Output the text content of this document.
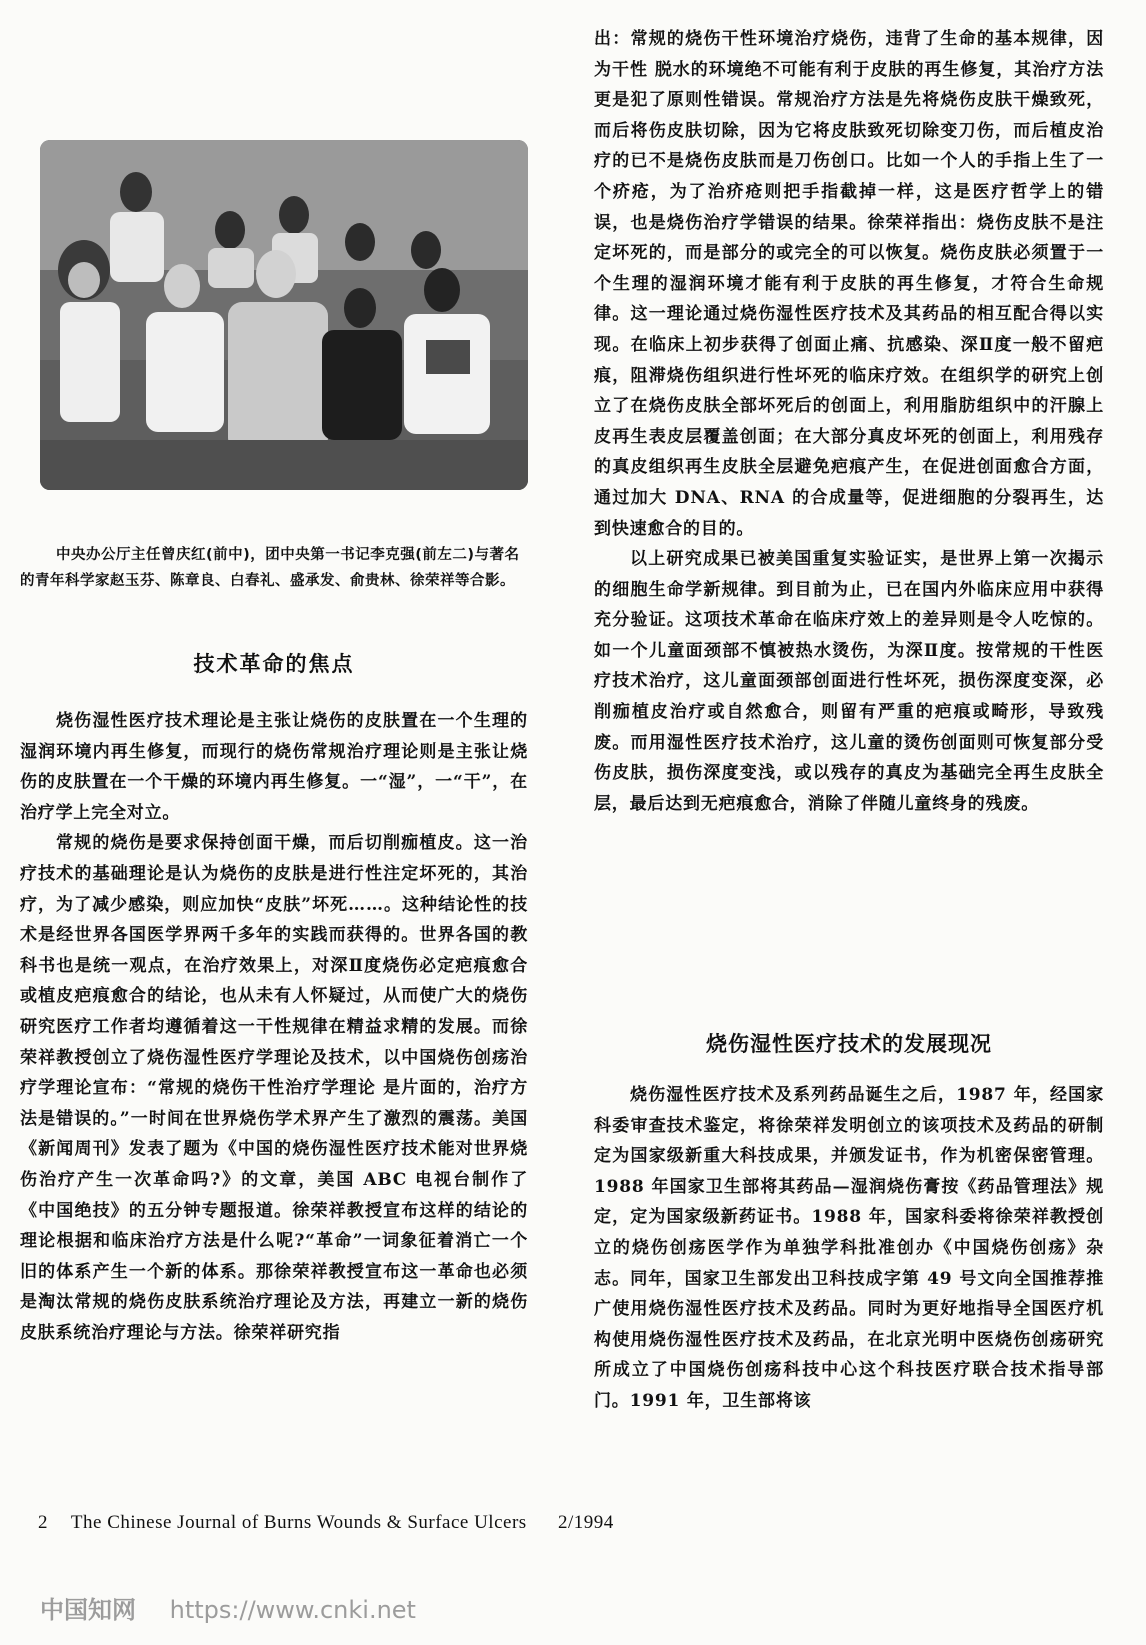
中央办公厅主任曾庆红(前中)，团中央第一书记李克强(前左二)与著名的青年科学家赵玉芬、陈章良、白春礼、盛承发、俞贵林、徐荣祥等合影。
技术革命的焦点

烧伤湿性医疗技术理论是主张让烧伤的皮肤置在一个生理的湿润环境内再生修复，而现行的烧伤常规治疗理论则是主张让烧伤的皮肤置在一个干燥的环境内再生修复。一“湿”，一“干”，在治疗学上完全对立。

常规的烧伤是要求保持创面干燥，而后切削痂植皮。这一治疗技术的基础理论是认为烧伤的皮肤是进行性注定坏死的，其治疗，为了减少感染，则应加快“皮肤”坏死……。这种结论性的技术是经世界各国医学界两千多年的实践而获得的。世界各国的教科书也是统一观点，在治疗效果上，对深Ⅱ度烧伤必定疤痕愈合或植皮疤痕愈合的结论，也从未有人怀疑过，从而使广大的烧伤研究医疗工作者均遵循着这一干性规律在精益求精的发展。而徐荣祥教授创立了烧伤湿性医疗学理论及技术，以中国烧伤创疡治疗学理论宣布：“常规的烧伤干性治疗学理论 是片面的，治疗方法是错误的。”一时间在世界烧伤学术界产生了激烈的震荡。美国《新闻周刊》发表了题为《中国的烧伤湿性医疗技术能对世界烧伤治疗产生一次革命吗?》的文章，美国 ABC 电视台制作了《中国绝技》的五分钟专题报道。徐荣祥教授宣布这样的结论的理论根据和临床治疗方法是什么呢?“革命”一词象征着消亡一个旧的体系产生一个新的体系。那徐荣祥教授宣布这一革命也必须是淘汰常规的烧伤皮肤系统治疗理论及方法，再建立一新的烧伤皮肤系统治疗理论与方法。徐荣祥研究指

出：常规的烧伤干性环境治疗烧伤，违背了生命的基本规律，因为干性 脱水的环境绝不可能有利于皮肤的再生修复，其治疗方法更是犯了原则性错误。常规治疗方法是先将烧伤皮肤干燥致死，而后将伤皮肤切除，因为它将皮肤致死切除变刀伤，而后植皮治疗的已不是烧伤皮肤而是刀伤创口。比如一个人的手指上生了一个疥疮，为了治疥疮则把手指截掉一样，这是医疗哲学上的错误，也是烧伤治疗学错误的结果。徐荣祥指出：烧伤皮肤不是注定坏死的，而是部分的或完全的可以恢复。烧伤皮肤必须置于一个生理的湿润环境才能有利于皮肤的再生修复，才符合生命规律。这一理论通过烧伤湿性医疗技术及其药品的相互配合得以实现。在临床上初步获得了创面止痛、抗感染、深Ⅱ度一般不留疤痕，阻滞烧伤组织进行性坏死的临床疗效。在组织学的研究上创立了在烧伤皮肤全部坏死后的创面上，利用脂肪组织中的汗腺上皮再生表皮层覆盖创面；在大部分真皮坏死的创面上，利用残存的真皮组织再生皮肤全层避免疤痕产生，在促进创面愈合方面，通过加大 DNA、RNA 的合成量等，促进细胞的分裂再生，达到快速愈合的目的。

以上研究成果已被美国重复实验证实，是世界上第一次揭示的细胞生命学新规律。到目前为止，已在国内外临床应用中获得充分验证。这项技术革命在临床疗效上的差异则是令人吃惊的。如一个儿童面颈部不慎被热水烫伤，为深Ⅱ度。按常规的干性医疗技术治疗，这儿童面颈部创面进行性坏死，损伤深度变深，必削痂植皮治疗或自然愈合，则留有严重的疤痕或畸形，导致残废。而用湿性医疗技术治疗，这儿童的烫伤创面则可恢复部分受伤皮肤，损伤深度变浅，或以残存的真皮为基础完全再生皮肤全层，最后达到无疤痕愈合，消除了伴随儿童终身的残废。

烧伤湿性医疗技术的发展现况

烧伤湿性医疗技术及系列药品诞生之后，1987 年，经国家科委审查技术鉴定，将徐荣祥发明创立的该项技术及药品的研制定为国家级新重大科技成果，并颁发证书，作为机密保密管理。1988 年国家卫生部将其药品—湿润烧伤膏按《药品管理法》规定，定为国家级新药证书。1988 年，国家科委将徐荣祥教授创立的烧伤创疡医学作为单独学科批准创办《中国烧伤创疡》杂志。同年，国家卫生部发出卫科技成字第 49 号文向全国推荐推广使用烧伤湿性医疗技术及药品。同时为更好地指导全国医疗机构使用烧伤湿性医疗技术及药品，在北京光明中医烧伤创疡研究所成立了中国烧伤创疡科技中心这个科技医疗联合技术指导部门。1991 年，卫生部将该

2 The Chinese Journal of Burns Wounds & Surface Ulcers 2/1994
中国知网 https://www.cnki.net
